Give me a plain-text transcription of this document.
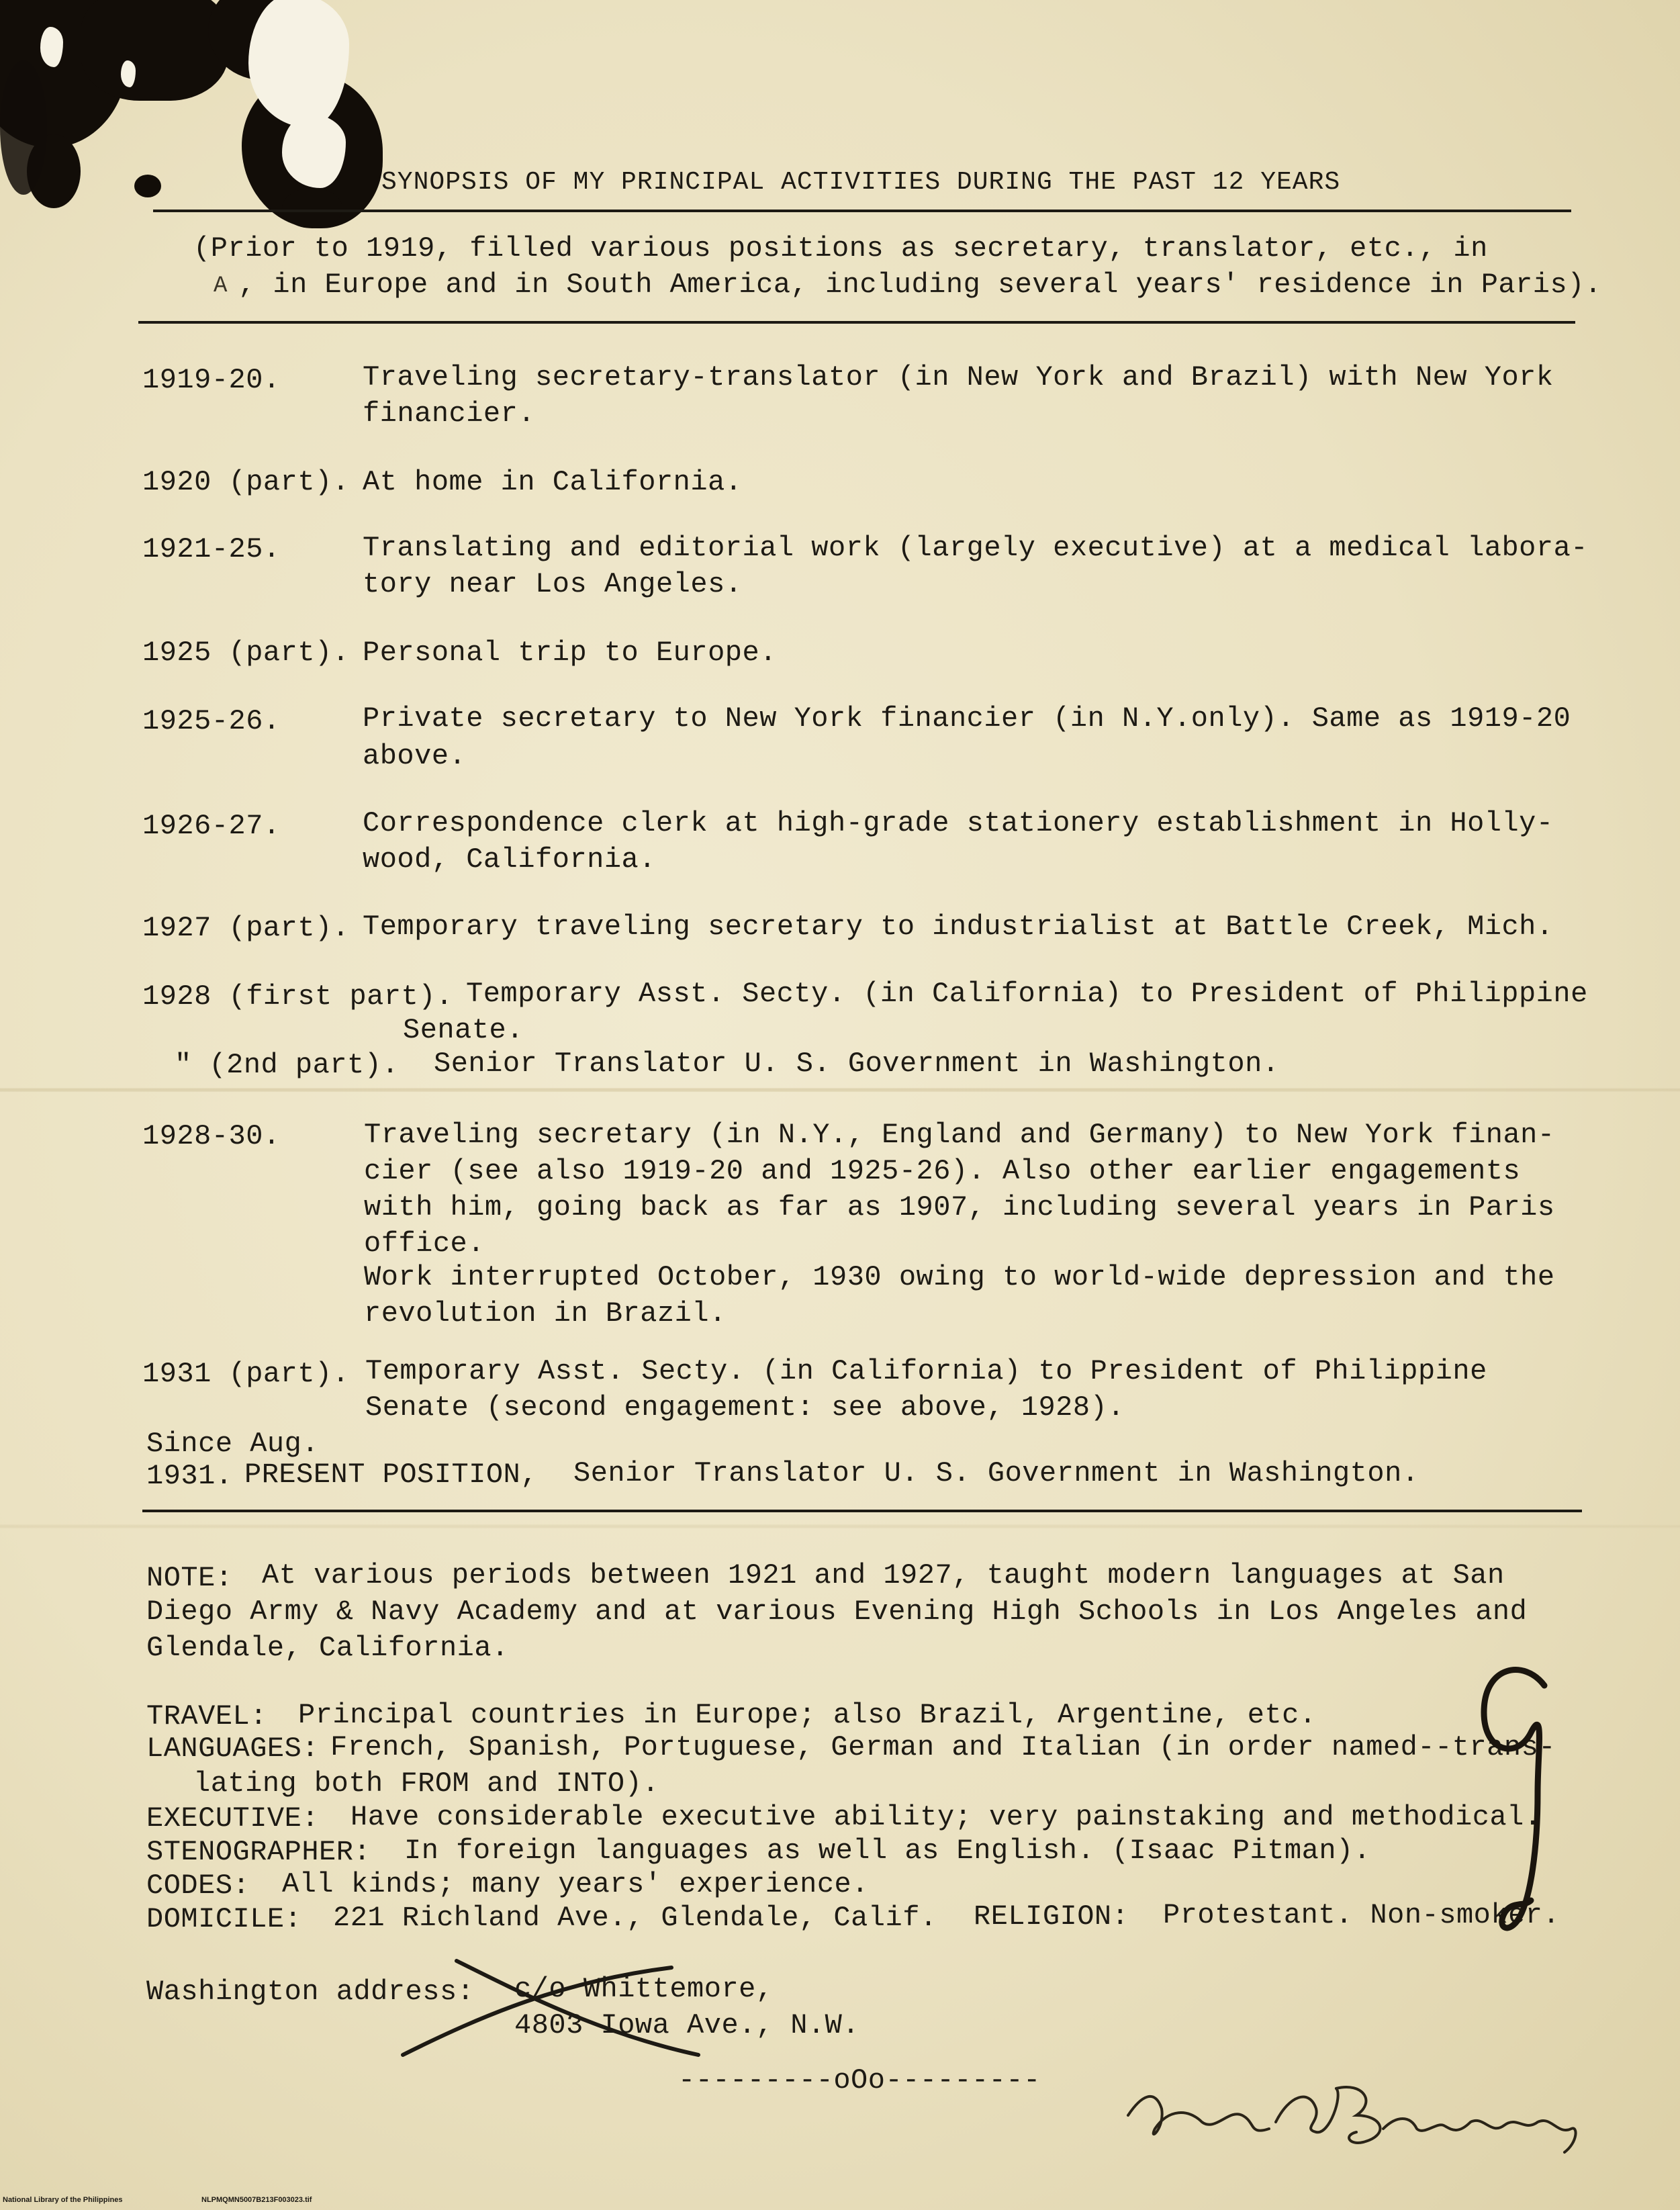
SYNOPSIS OF MY PRINCIPAL ACTIVITIES DURING THE PAST 12 YEARS
(Prior to 1919, filled various positions as secretary, translator, etc., in
A , in Europe and in South America, including several years' residence in Paris).
1919-20.	Traveling secretary-translator (in New York and Brazil) with New York
financier.
1920 (part). At home in California.
1921-25.	Translating and editorial work (largely executive) at a medical labora-
tory near Los Angeles.
1925 (part). Personal trip to Europe.
1925-26.	Private secretary to New York financier (in N.Y.only). Same as 1919-20
above.
1926-27.	Correspondence clerk at high-grade stationery establishment in Holly-
wood, California.
1927 (part). Temporary traveling secretary to industrialist at Battle Creek, Mich.
1928 (first part). Temporary Asst. Secty. (in California) to President of Philippine
Senate.
" (2nd part). Senior Translator U. S. Government in Washington.
1928-30.	Traveling secretary (in N.Y., England and Germany) to New York finan-
cier (see also 1919-20 and 1925-26). Also other earlier engagements
with him, going back as far as 1907, including several years in Paris
office.
Work interrupted October, 1930 owing to world-wide depression and the
revolution in Brazil.
1931 (part). Temporary Asst. Secty. (in California) to President of Philippine
Senate (second engagement: see above, 1928).
Since Aug.
1931. PRESENT POSITION, Senior Translator U. S. Government in Washington.
NOTE: At various periods between 1921 and 1927, taught modern languages at San
Diego Army & Navy Academy and at various Evening High Schools in Los Angeles and
Glendale, California.
TRAVEL: Principal countries in Europe; also Brazil, Argentine, etc.
LANGUAGES: French, Spanish, Portuguese, German and Italian (in order named--trans-
lating both FROM and INTO).
EXECUTIVE: Have considerable executive ability; very painstaking and methodical.
STENOGRAPHER: In foreign languages as well as English. (Isaac Pitman).
CODES: All kinds; many years' experience.
DOMICILE: 221 Richland Ave., Glendale, Calif. RELIGION: Protestant. Non-smoker.
Washington address: c/o Whittemore,
4803 Iowa Ave., N.W.
---------oOo---------
National Library of the Philippines	NLPMQMN5007B213F003023.tif
